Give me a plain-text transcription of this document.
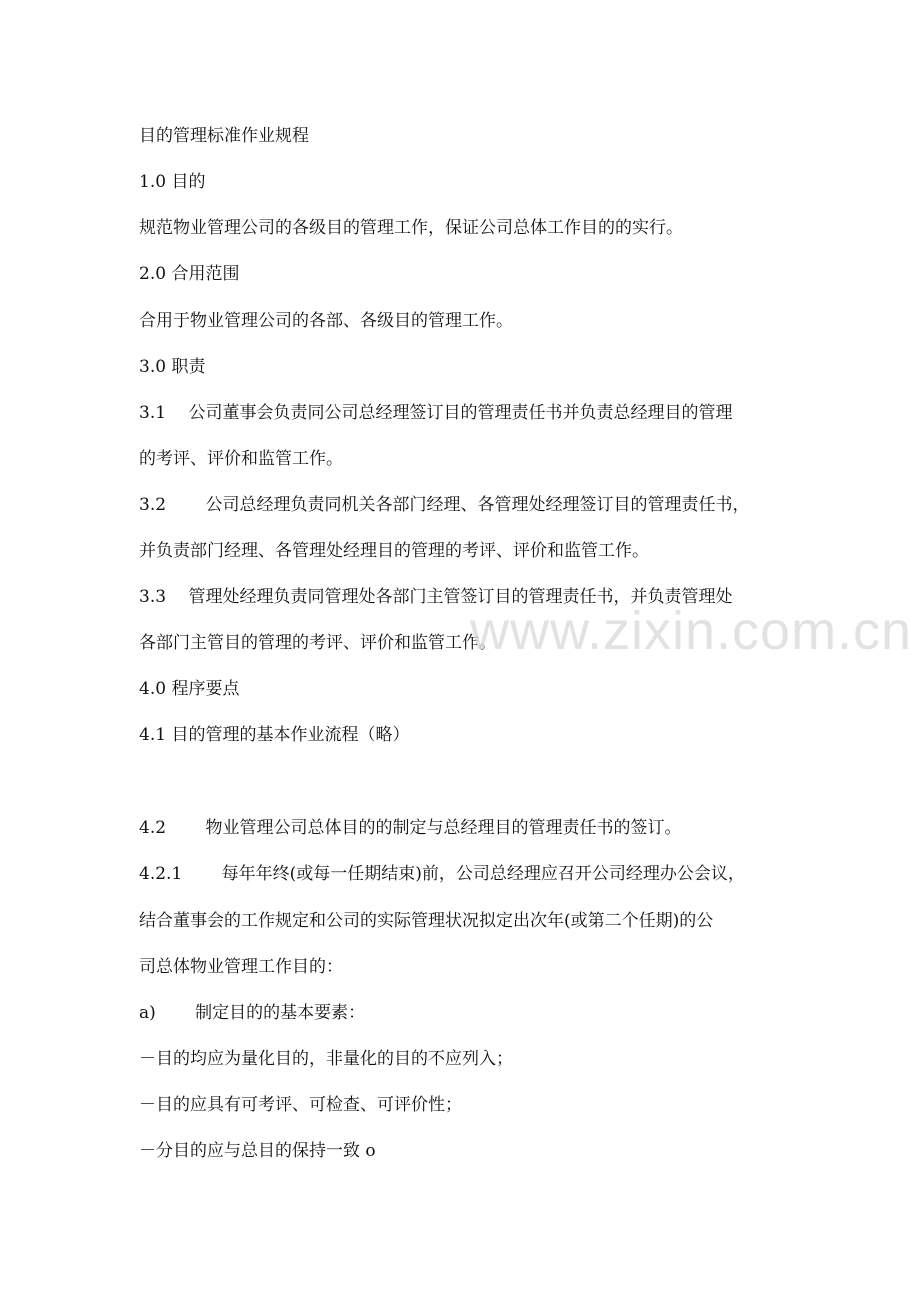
目的管理标准作业规程
1.0 目的
规范物业管理公司的各级目的管理工作，保证公司总体工作目的的实行。
2.0 合用范围
合用于物业管理公司的各部、各级目的管理工作。
3.0 职责
3.1　 公司董事会负责同公司总经理签订目的管理责任书并负责总经理目的管理
的考评、评价和监管工作。
3.2　　 公司总经理负责同机关各部门经理、各管理处经理签订目的管理责任书，
并负责部门经理、各管理处经理目的管理的考评、评价和监管工作。
3.3　 管理处经理负责同管理处各部门主管签订目的管理责任书，并负责管理处
各部门主管目的管理的考评、评价和监管工作。
4.0 程序要点
4.1 目的管理的基本作业流程（略）
4.2　　 物业管理公司总体目的的制定与总经理目的管理责任书的签订。
4.2.1　　 每年年终(或每一任期结束)前，公司总经理应召开公司经理办公会议，
结合董事会的工作规定和公司的实际管理状况拟定出次年(或第二个任期)的公
司总体物业管理工作目的：
a)　　 制定目的的基本要素：
－目的均应为量化目的，非量化的目的不应列入；
－目的应具有可考评、可检查、可评价性；
－分目的应与总目的保持一致 o
www.zixin.com.cn
